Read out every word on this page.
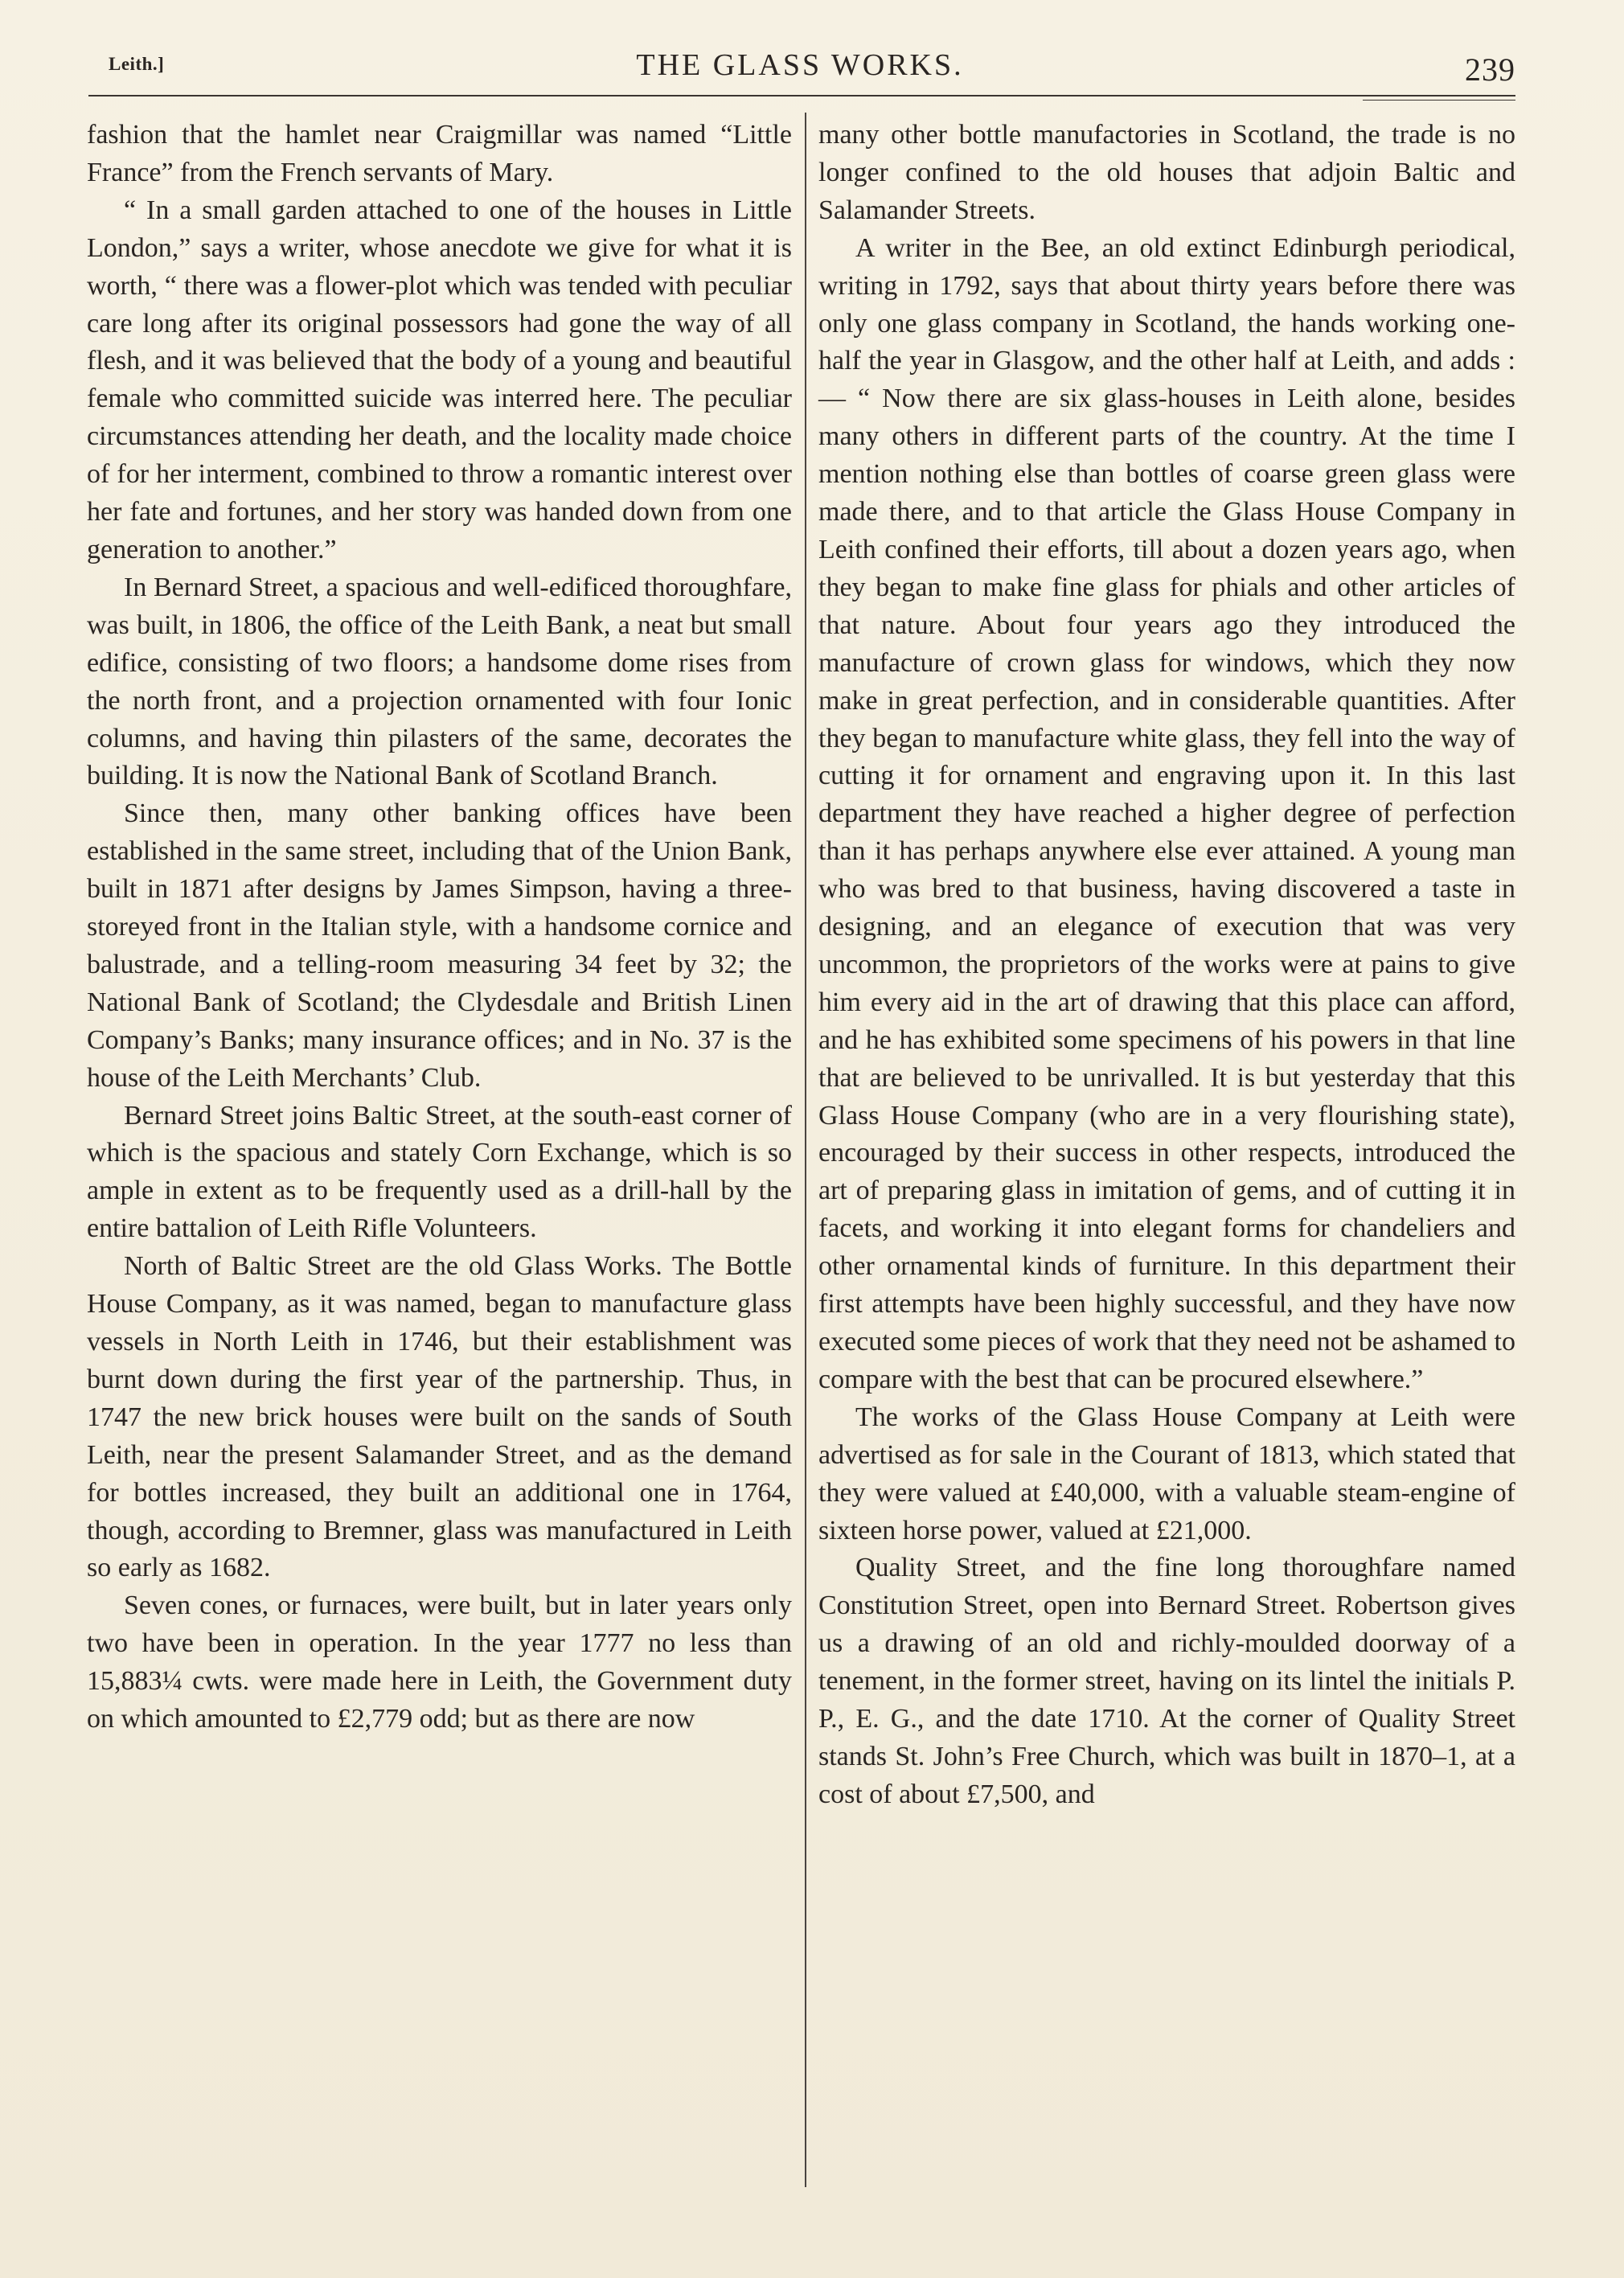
Leith.]	THE GLASS WORKS.	239

fashion that the hamlet near Craigmillar was named “Little France” from the French servants of Mary.

“ In a small garden attached to one of the houses in Little London,” says a writer, whose anecdote we give for what it is worth, “ there was a flower-plot which was tended with peculiar care long after its original possessors had gone the way of all flesh, and it was believed that the body of a young and beautiful female who committed suicide was interred here. The peculiar circumstances attending her death, and the locality made choice of for her interment, combined to throw a romantic interest over her fate and fortunes, and her story was handed down from one generation to another.”

In Bernard Street, a spacious and well-edificed thoroughfare, was built, in 1806, the office of the Leith Bank, a neat but small edifice, consisting of two floors; a handsome dome rises from the north front, and a projection ornamented with four Ionic columns, and having thin pilasters of the same, decorates the building. It is now the National Bank of Scotland Branch.

Since then, many other banking offices have been established in the same street, including that of the Union Bank, built in 1871 after designs by James Simpson, having a three-storeyed front in the Italian style, with a handsome cornice and balustrade, and a telling-room measuring 34 feet by 32; the National Bank of Scotland; the Clydesdale and British Linen Company’s Banks; many insurance offices; and in No. 37 is the house of the Leith Merchants’ Club.

Bernard Street joins Baltic Street, at the south-east corner of which is the spacious and stately Corn Exchange, which is so ample in extent as to be frequently used as a drill-hall by the entire battalion of Leith Rifle Volunteers.

North of Baltic Street are the old Glass Works. The Bottle House Company, as it was named, began to manufacture glass vessels in North Leith in 1746, but their establishment was burnt down during the first year of the partnership. Thus, in 1747 the new brick houses were built on the sands of South Leith, near the present Salamander Street, and as the demand for bottles increased, they built an additional one in 1764, though, according to Bremner, glass was manufactured in Leith so early as 1682.

Seven cones, or furnaces, were built, but in later years only two have been in operation. In the year 1777 no less than 15,883¼ cwts. were made here in Leith, the Government duty on which amounted to £2,779 odd; but as there are now

many other bottle manufactories in Scotland, the trade is no longer confined to the old houses that adjoin Baltic and Salamander Streets.

A writer in the Bee, an old extinct Edinburgh periodical, writing in 1792, says that about thirty years before there was only one glass company in Scotland, the hands working one-half the year in Glasgow, and the other half at Leith, and adds :— “ Now there are six glass-houses in Leith alone, besides many others in different parts of the country. At the time I mention nothing else than bottles of coarse green glass were made there, and to that article the Glass House Company in Leith confined their efforts, till about a dozen years ago, when they began to make fine glass for phials and other articles of that nature. About four years ago they introduced the manufacture of crown glass for windows, which they now make in great perfection, and in considerable quantities. After they began to manufacture white glass, they fell into the way of cutting it for ornament and engraving upon it. In this last department they have reached a higher degree of perfection than it has perhaps anywhere else ever attained. A young man who was bred to that business, having discovered a taste in designing, and an elegance of execution that was very uncommon, the proprietors of the works were at pains to give him every aid in the art of drawing that this place can afford, and he has exhibited some specimens of his powers in that line that are believed to be unrivalled. It is but yesterday that this Glass House Company (who are in a very flourishing state), encouraged by their success in other respects, introduced the art of preparing glass in imitation of gems, and of cutting it in facets, and working it into elegant forms for chandeliers and other ornamental kinds of furniture. In this department their first attempts have been highly successful, and they have now executed some pieces of work that they need not be ashamed to compare with the best that can be procured elsewhere.”

The works of the Glass House Company at Leith were advertised as for sale in the Courant of 1813, which stated that they were valued at £40,000, with a valuable steam-engine of sixteen horse power, valued at £21,000.

Quality Street, and the fine long thoroughfare named Constitution Street, open into Bernard Street. Robertson gives us a drawing of an old and richly-moulded doorway of a tenement, in the former street, having on its lintel the initials P. P., E. G., and the date 1710. At the corner of Quality Street stands St. John’s Free Church, which was built in 1870–1, at a cost of about £7,500, and
